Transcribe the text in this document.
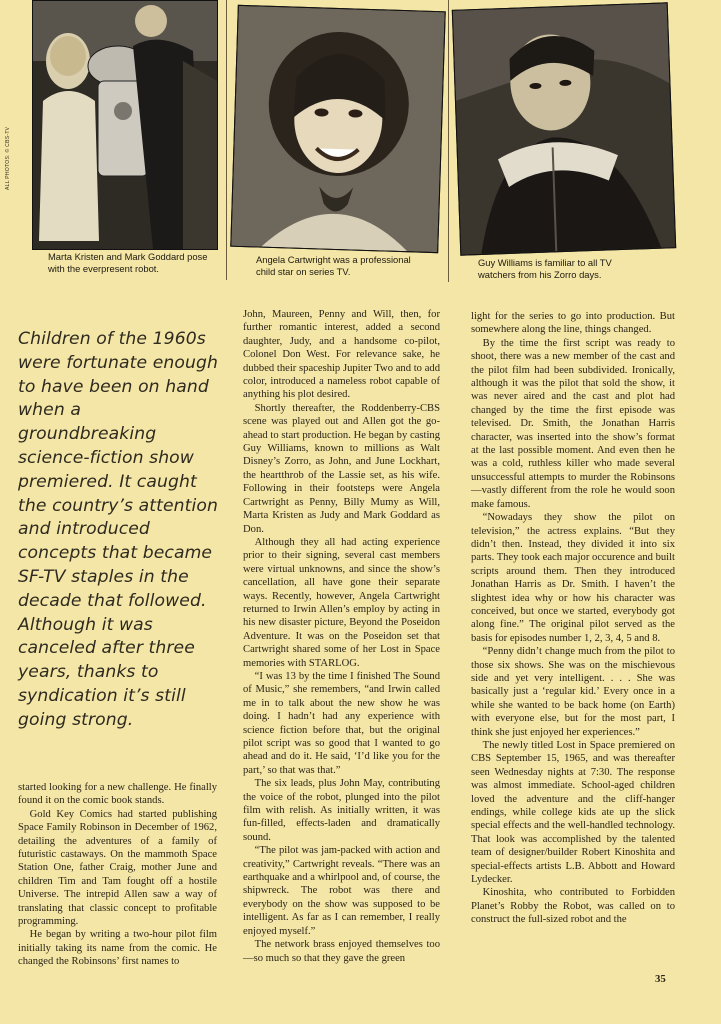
Marta Kristen and Mark Goddard pose with the everpresent robot.
ALL PHOTOS: © CBS-TV
Angela Cartwright was a professional child star on series TV.
Guy Williams is familiar to all TV watchers from his Zorro days.
Children of the 1960s were fortunate enough to have been on hand when a groundbreaking science-fiction show premiered. It caught the country’s attention and introduced concepts that became SF-TV staples in the decade that followed. Although it was canceled after three years, thanks to syndication it’s still going strong.

started looking for a new challenge. He finally found it on the comic book stands.

Gold Key Comics had started publishing Space Family Robinson in December of 1962, detailing the adventures of a family of futuristic castaways. On the mammoth Space Station One, father Craig, mother June and children Tim and Tam fought off a hostile Universe. The intrepid Allen saw a way of translating that classic concept to profitable programming.

He began by writing a two-hour pilot film initially taking its name from the comic. He changed the Robinsons’ first names to

John, Maureen, Penny and Will, then, for further romantic interest, added a second daughter, Judy, and a handsome co-pilot, Colonel Don West. For relevance sake, he dubbed their spaceship Jupiter Two and to add color, introduced a nameless robot capable of anything his plot desired.

Shortly thereafter, the Roddenberry-CBS scene was played out and Allen got the go-ahead to start production. He began by casting Guy Williams, known to millions as Walt Disney’s Zorro, as John, and June Lockhart, the heartthrob of the Lassie set, as his wife. Following in their footsteps were Angela Cartwright as Penny, Billy Mumy as Will, Marta Kristen as Judy and Mark Goddard as Don.

Although they all had acting experience prior to their signing, several cast members were virtual unknowns, and since the show’s cancellation, all have gone their separate ways. Recently, however, Angela Cartwright returned to Irwin Allen’s employ by acting in his new disaster picture, Beyond the Poseidon Adventure. It was on the Poseidon set that Cartwright shared some of her Lost in Space memories with STARLOG.

“I was 13 by the time I finished The Sound of Music,” she remembers, “and Irwin called me in to talk about the new show he was doing. I hadn’t had any experience with science fiction before that, but the original pilot script was so good that I wanted to go ahead and do it. He said, ‘I’d like you for the part,’ so that was that.”

The six leads, plus John May, contributing the voice of the robot, plunged into the pilot film with relish. As initially written, it was fun-filled, effects-laden and dramatically sound.

“The pilot was jam-packed with action and creativity,” Cartwright reveals. “There was an earthquake and a whirlpool and, of course, the shipwreck. The robot was there and everybody on the show was supposed to be intelligent. As far as I can remember, I really enjoyed myself.”

The network brass enjoyed themselves too—so much so that they gave the green

light for the series to go into production. But somewhere along the line, things changed.

By the time the first script was ready to shoot, there was a new member of the cast and the pilot film had been subdivided. Ironically, although it was the pilot that sold the show, it was never aired and the cast and plot had changed by the time the first episode was televised. Dr. Smith, the Jonathan Harris character, was inserted into the show’s format at the last possible moment. And even then he was a cold, ruthless killer who made several unsuccessful attempts to murder the Robinsons—vastly different from the role he would soon make famous.

“Nowadays they show the pilot on television,” the actress explains. “But they didn’t then. Instead, they divided it into six parts. They took each major occurence and built scripts around them. Then they introduced Jonathan Harris as Dr. Smith. I haven’t the slightest idea why or how his character was conceived, but once we started, everybody got along fine.” The original pilot served as the basis for episodes number 1, 2, 3, 4, 5 and 8.

“Penny didn’t change much from the pilot to those six shows. She was on the mischievous side and yet very intelligent. . . . She was basically just a ‘regular kid.’ Every once in a while she wanted to be back home (on Earth) with everyone else, but for the most part, I think she just enjoyed her experiences.”

The newly titled Lost in Space premiered on CBS September 15, 1965, and was thereafter seen Wednesday nights at 7:30. The response was almost immediate. School-aged children loved the adventure and the cliff-hanger endings, while college kids ate up the slick special effects and the well-handled technology. That look was accomplished by the talented team of designer/builder Robert Kinoshita and special-effects artists L.B. Abbott and Howard Lydecker.

Kinoshita, who contributed to Forbidden Planet’s Robby the Robot, was called on to construct the full-sized robot and the

35
